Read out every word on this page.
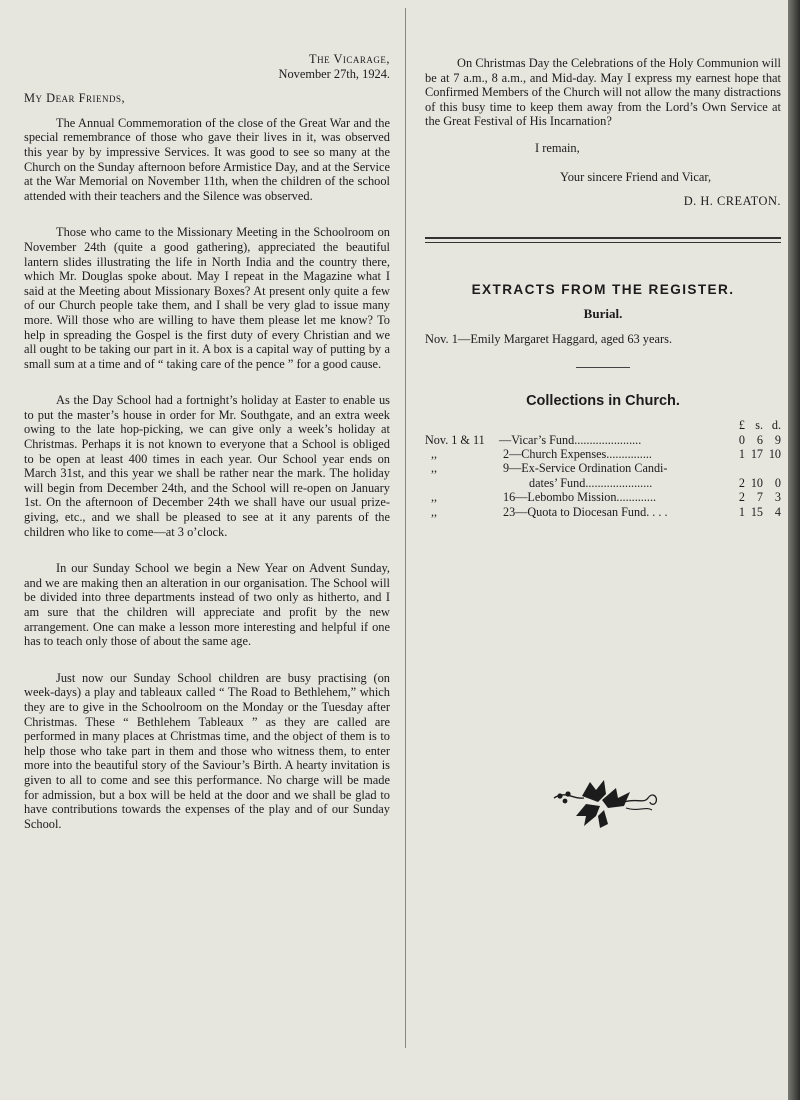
The Vicarage,
November 27th, 1924.
My Dear Friends,

The Annual Commemoration of the close of the Great War and the special remembrance of those who gave their lives in it, was observed this year by by impressive Services. It was good to see so many at the Church on the Sunday afternoon before Armistice Day, and at the Service at the War Memorial on November 11th, when the children of the school attended with their teachers and the Silence was observed.

Those who came to the Missionary Meeting in the Schoolroom on November 24th (quite a good gathering), appreciated the beautiful lantern slides illustrating the life in North India and the country there, which Mr. Douglas spoke about. May I repeat in the Magazine what I said at the Meeting about Missionary Boxes? At present only quite a few of our Church people take them, and I shall be very glad to issue many more. Will those who are willing to have them please let me know? To help in spreading the Gospel is the first duty of every Christian and we all ought to be taking our part in it. A box is a capital way of putting by a small sum at a time and of “ taking care of the pence ” for a good cause.

As the Day School had a fortnight’s holiday at Easter to enable us to put the master’s house in order for Mr. Southgate, and an extra week owing to the late hop-picking, we can give only a week’s holiday at Christmas. Perhaps it is not known to everyone that a School is obliged to be open at least 400 times in each year. Our School year ends on March 31st, and this year we shall be rather near the mark. The holiday will begin from December 24th, and the School will re-open on January 1st. On the afternoon of December 24th we shall have our usual prize-giving, etc., and we shall be pleased to see at it any parents of the children who like to come—at 3 o’clock.

In our Sunday School we begin a New Year on Advent Sunday, and we are making then an alteration in our organisation. The School will be divided into three departments instead of two only as hitherto, and I am sure that the children will appreciate and profit by the new arrangement. One can make a lesson more interesting and helpful if one has to teach only those of about the same age.

Just now our Sunday School children are busy practising (on week-days) a play and tableaux called “ The Road to Bethlehem,” which they are to give in the Schoolroom on the Monday or the Tuesday after Christmas. These “ Bethlehem Tableaux ” as they are called are performed in many places at Christmas time, and the object of them is to help those who take part in them and those who witness them, to enter more into the beautiful story of the Saviour’s Birth. A hearty invitation is given to all to come and see this performance. No charge will be made for admission, but a box will be held at the door and we shall be glad to have contributions towards the expenses of the play and of our Sunday School.

On Christmas Day the Celebrations of the Holy Communion will be at 7 a.m., 8 a.m., and Mid-day. May I express my earnest hope that Confirmed Members of the Church will not allow the many distractions of this busy time to keep them away from the Lord’s Own Service at the Great Festival of His Incarnation?

I remain,
Your sincere Friend and Vicar,
D. H. CREATON.
EXTRACTS FROM THE REGISTER.
Burial.
Nov. 1—Emily Margaret Haggard, aged 63 years.
Collections in Church.
		£	s.	d.
Nov. 1 & 11	—Vicar’s Fund......................	0	6	9
,,	2—Church Expenses...............	1	17	10
,,	9—Ex-Service Ordination Candi-			
	dates’ Fund......................	2	10	0
,,	16—Lebombo Mission.............	2	7	3
,,	23—Quota to Diocesan Fund. . . .	1	15	4
